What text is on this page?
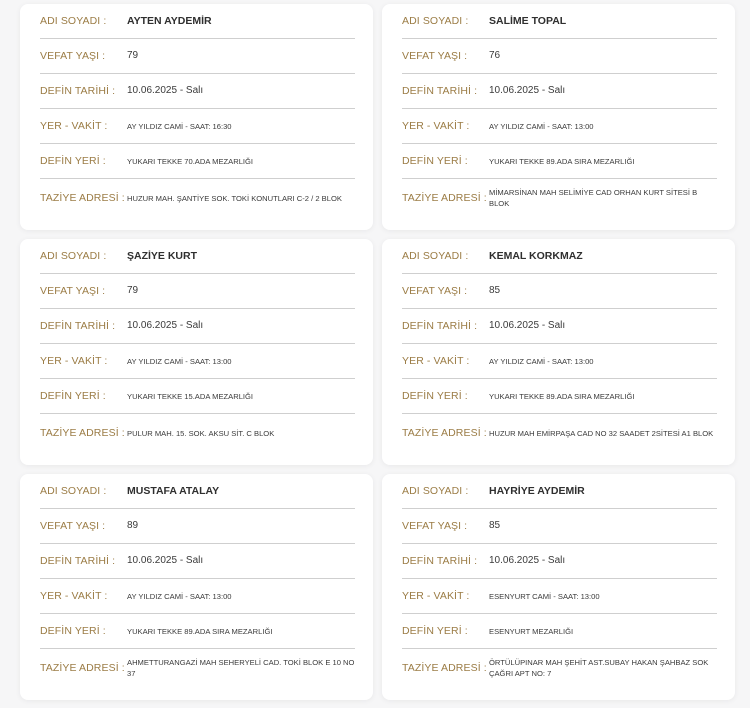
ADI SOYADI :	AYTEN AYDEMİR
VEFAT YAŞI :	79
DEFİN TARİHİ :	10.06.2025 - Salı
YER - VAKİT :	AY YILDIZ CAMİ - SAAT: 16:30
DEFİN YERİ :	YUKARI TEKKE 70.ADA MEZARLIĞI
TAZİYE ADRESİ : HUZUR MAH. ŞANTİYE SOK. TOKİ KONUTLARI C-2 / 2 BLOK
ADI SOYADI :	SALİME TOPAL
VEFAT YAŞI :	76
DEFİN TARİHİ :	10.06.2025 - Salı
YER - VAKİT :	AY YILDIZ CAMİ - SAAT: 13:00
DEFİN YERİ :	YUKARI TEKKE 89.ADA SIRA MEZARLIĞI
TAZİYE ADRESİ : MİMARSİNAN MAH SELİMİYE CAD ORHAN KURT SİTESİ B BLOK
ADI SOYADI :	ŞAZİYE KURT
VEFAT YAŞI :	79
DEFİN TARİHİ :	10.06.2025 - Salı
YER - VAKİT :	AY YILDIZ CAMİ - SAAT: 13:00
DEFİN YERİ :	YUKARI TEKKE 15.ADA MEZARLIĞI
TAZİYE ADRESİ : PULUR MAH. 15. SOK. AKSU SİT. C BLOK
ADI SOYADI :	KEMAL KORKMAZ
VEFAT YAŞI :	85
DEFİN TARİHİ :	10.06.2025 - Salı
YER - VAKİT :	AY YILDIZ CAMİ - SAAT: 13:00
DEFİN YERİ :	YUKARI TEKKE 89.ADA SIRA MEZARLIĞI
TAZİYE ADRESİ : HUZUR MAH EMİRPAŞA CAD NO 32 SAADET 2SİTESİ A1 BLOK
ADI SOYADI :	MUSTAFA ATALAY
VEFAT YAŞI :	89
DEFİN TARİHİ :	10.06.2025 - Salı
YER - VAKİT :	AY YILDIZ CAMİ - SAAT: 13:00
DEFİN YERİ :	YUKARI TEKKE 89.ADA SIRA MEZARLIĞI
TAZİYE ADRESİ : AHMETTURANGAZİ MAH SEHERYELİ CAD. TOKİ BLOK E 10 NO 37
ADI SOYADI :	HAYRİYE AYDEMİR
VEFAT YAŞI :	85
DEFİN TARİHİ :	10.06.2025 - Salı
YER - VAKİT :	ESENYURT CAMİ - SAAT: 13:00
DEFİN YERİ :	ESENYURT MEZARLIĞI
TAZİYE ADRESİ : ÖRTÜLÜPINAR MAH ŞEHİT AST.SUBAY HAKAN ŞAHBAZ SOK ÇAĞRI APT NO: 7
